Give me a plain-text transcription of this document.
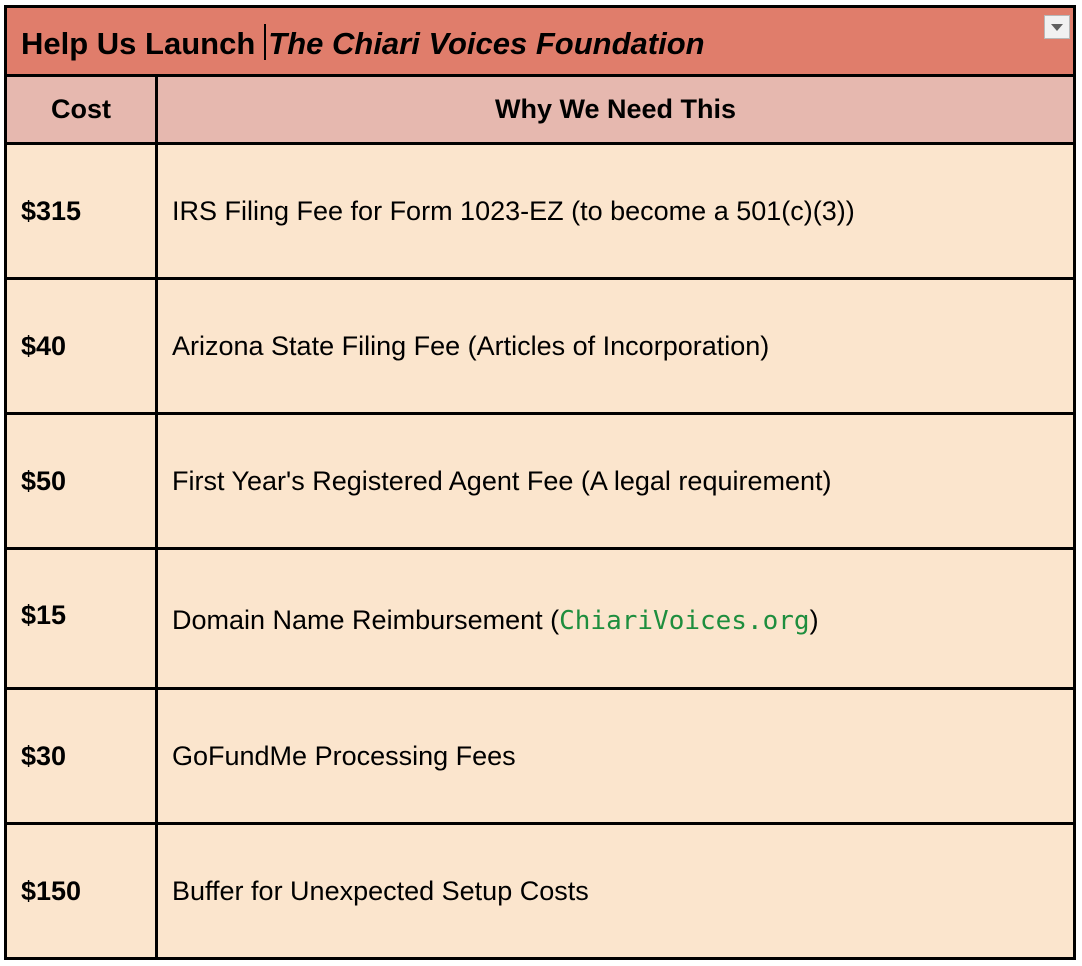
Help Us Launch The Chiari Voices Foundation
Cost	Why We Need This
$315	IRS Filing Fee for Form 1023-EZ (to become a 501(c)(3))
$40	Arizona State Filing Fee (Articles of Incorporation)
$50	First Year's Registered Agent Fee (A legal requirement)
$15	Domain Name Reimbursement ( ChiariVoices.org )
$30	GoFundMe Processing Fees
$150	Buffer for Unexpected Setup Costs
